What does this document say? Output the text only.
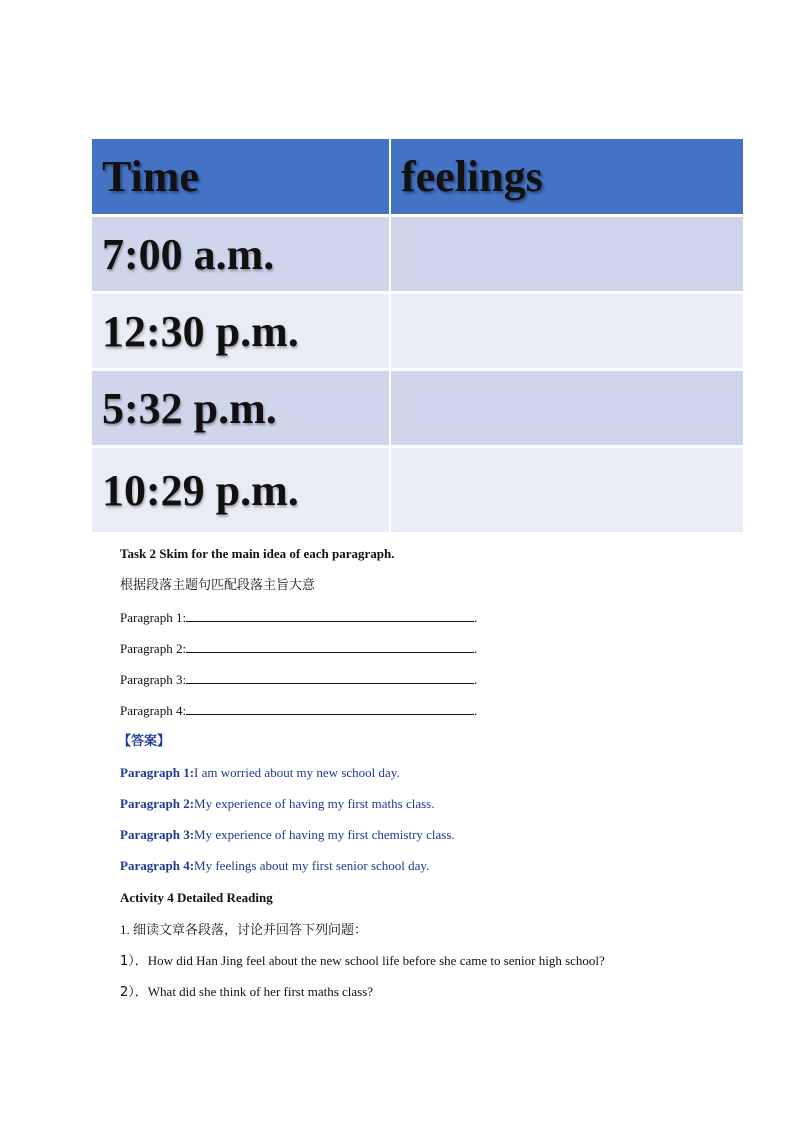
Time	feelings
7:00 a.m.	
12:30 p.m.	
5:32 p.m.	
10:29 p.m.	
Task 2 Skim for the main idea of each paragraph.
根据段落主题句匹配段落主旨大意
Paragraph 1:	.
Paragraph 2:	.
Paragraph 3:	.
Paragraph 4:	.
【答案】
Paragraph 1:I am worried about my new school day.
Paragraph 2:My experience of having my first maths class.
Paragraph 3:My experience of having my first chemistry class.
Paragraph 4:My feelings about my first senior school day.
Activity 4 Detailed Reading
1. 细读文章各段落，讨论并回答下列问题：
1）．How did Han Jing feel about the new school life before she came to senior high school?
2）．What did she think of her first maths class?
